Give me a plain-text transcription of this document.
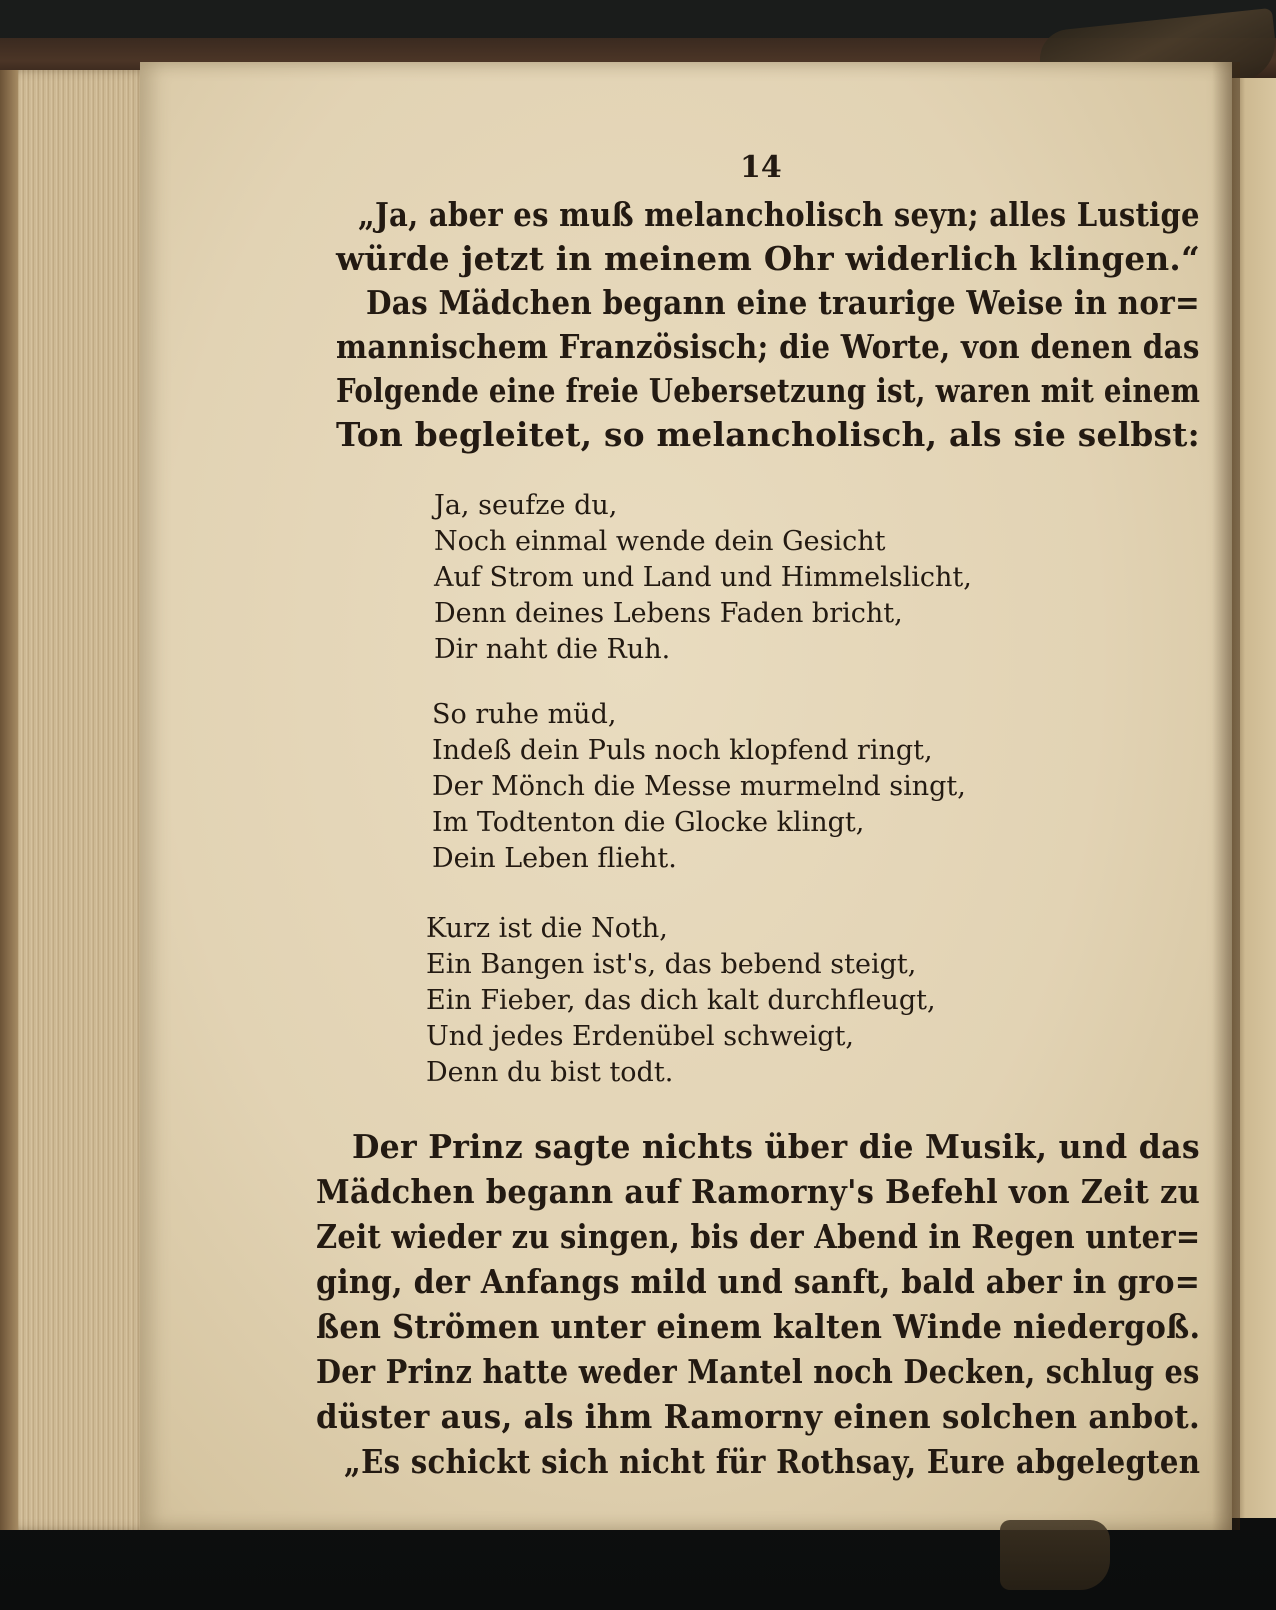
14
„Ja, aber es muß melancholisch seyn; alles Lustige
würde jetzt in meinem Ohr widerlich klingen.“
Das Mädchen begann eine traurige Weise in nor=
mannischem Französisch; die Worte, von denen das
Folgende eine freie Uebersetzung ist, waren mit einem
Ton begleitet, so melancholisch, als sie selbst:
Ja, seufze du,
Noch einmal wende dein Gesicht
Auf Strom und Land und Himmelslicht,
Denn deines Lebens Faden bricht,
Dir naht die Ruh.
So ruhe müd,
Indeß dein Puls noch klopfend ringt,
Der Mönch die Messe murmelnd singt,
Im Todtenton die Glocke klingt,
Dein Leben flieht.
Kurz ist die Noth,
Ein Bangen ist's, das bebend steigt,
Ein Fieber, das dich kalt durchfleugt,
Und jedes Erdenübel schweigt,
Denn du bist todt.
Der Prinz sagte nichts über die Musik, und das
Mädchen begann auf Ramorny's Befehl von Zeit zu
Zeit wieder zu singen, bis der Abend in Regen unter=
ging, der Anfangs mild und sanft, bald aber in gro=
ßen Strömen unter einem kalten Winde niedergoß.
Der Prinz hatte weder Mantel noch Decken, schlug es
düster aus, als ihm Ramorny einen solchen anbot.
„Es schickt sich nicht für Rothsay, Eure abgelegten
